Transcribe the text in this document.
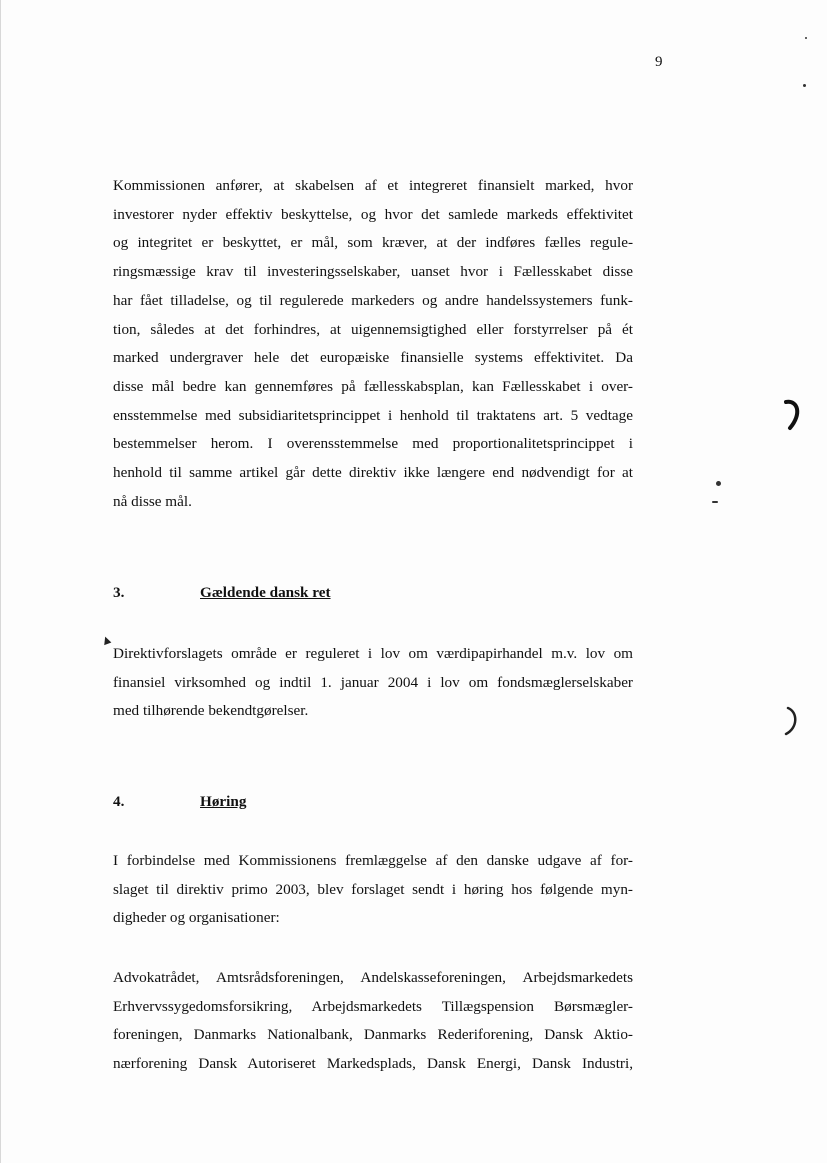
9
Kommissionen anfører, at skabelsen af et integreret finansielt marked, hvor
investorer nyder effektiv beskyttelse, og hvor det samlede markeds effektivitet
og integritet er beskyttet, er mål, som kræver, at der indføres fælles regule-
ringsmæssige krav til investeringsselskaber, uanset hvor i Fællesskabet disse
har fået tilladelse, og til regulerede markeders og andre handelssystemers funk-
tion, således at det forhindres, at uigennemsigtighed eller forstyrrelser på ét
marked undergraver hele det europæiske finansielle systems effektivitet. Da
disse mål bedre kan gennemføres på fællesskabsplan, kan Fællesskabet i over-
ensstemmelse med subsidiaritetsprincippet i henhold til traktatens art. 5 vedtage
bestemmelser herom. I overensstemmelse med proportionalitetsprincippet i
henhold til samme artikel går dette direktiv ikke længere end nødvendigt for at
nå disse mål.
3.	Gældende dansk ret
▲
Direktivforslagets område er reguleret i lov om værdipapirhandel m.v. lov om
finansiel virksomhed og indtil 1. januar 2004 i lov om fondsmæglerselskaber
med tilhørende bekendtgørelser.
4.	Høring
I forbindelse med Kommissionens fremlæggelse af den danske udgave af for-
slaget til direktiv primo 2003, blev forslaget sendt i høring hos følgende myn-
digheder og organisationer:
Advokatrådet, Amtsrådsforeningen, Andelskasseforeningen, Arbejdsmarkedets
Erhvervssygedomsforsikring, Arbejdsmarkedets Tillægspension Børsmægler-
foreningen, Danmarks Nationalbank, Danmarks Rederiforening, Dansk Aktio-
nærforening Dansk Autoriseret Markedsplads, Dansk Energi, Dansk Industri,
